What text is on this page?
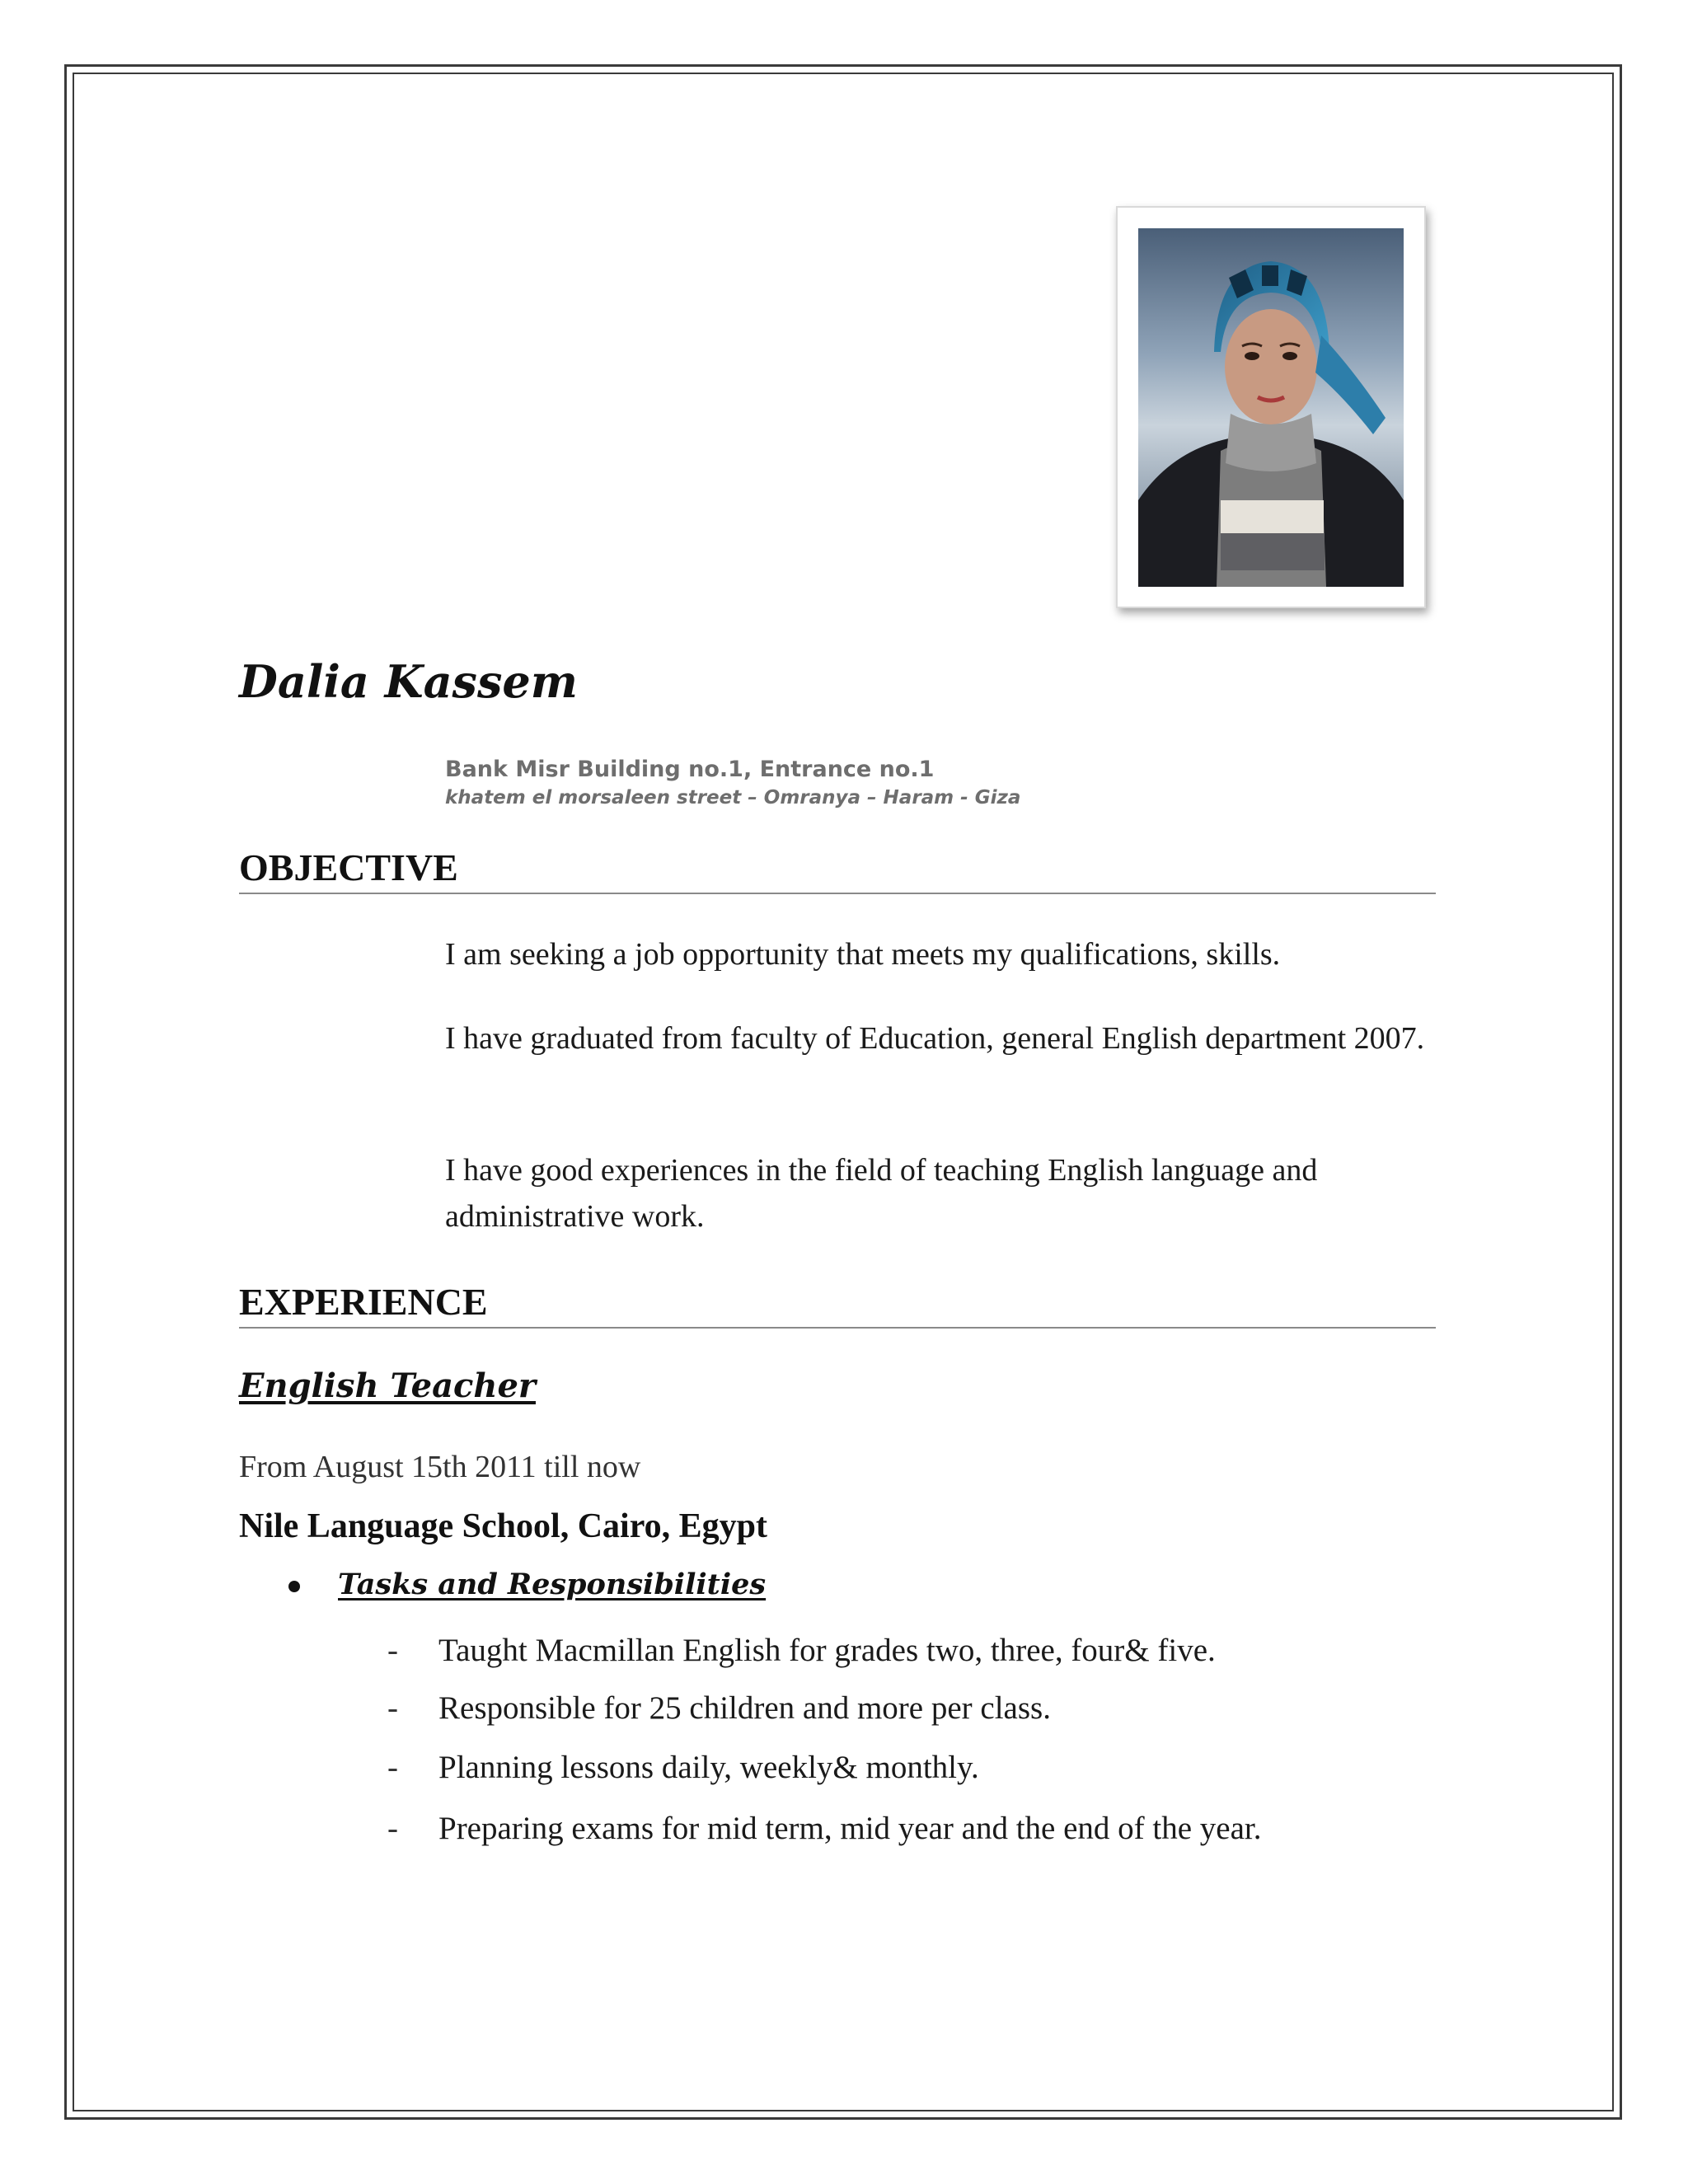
Dalia Kassem
Bank Misr Building no.1, Entrance no.1
khatem el morsaleen street – Omranya – Haram - Giza
OBJECTIVE
I am seeking a job opportunity that meets my qualifications, skills.
I have graduated from faculty of Education, general English department 2007.
I have good experiences in the field of teaching English language and administrative work.
EXPERIENCE
English Teacher
From August 15th 2011 till now
Nile Language School, Cairo, Egypt
Tasks and Responsibilities
- Taught Macmillan English for grades two, three, four& five.
- Responsible for 25 children and more per class.
- Planning lessons daily, weekly& monthly.
- Preparing exams for mid term, mid year and the end of the year.
